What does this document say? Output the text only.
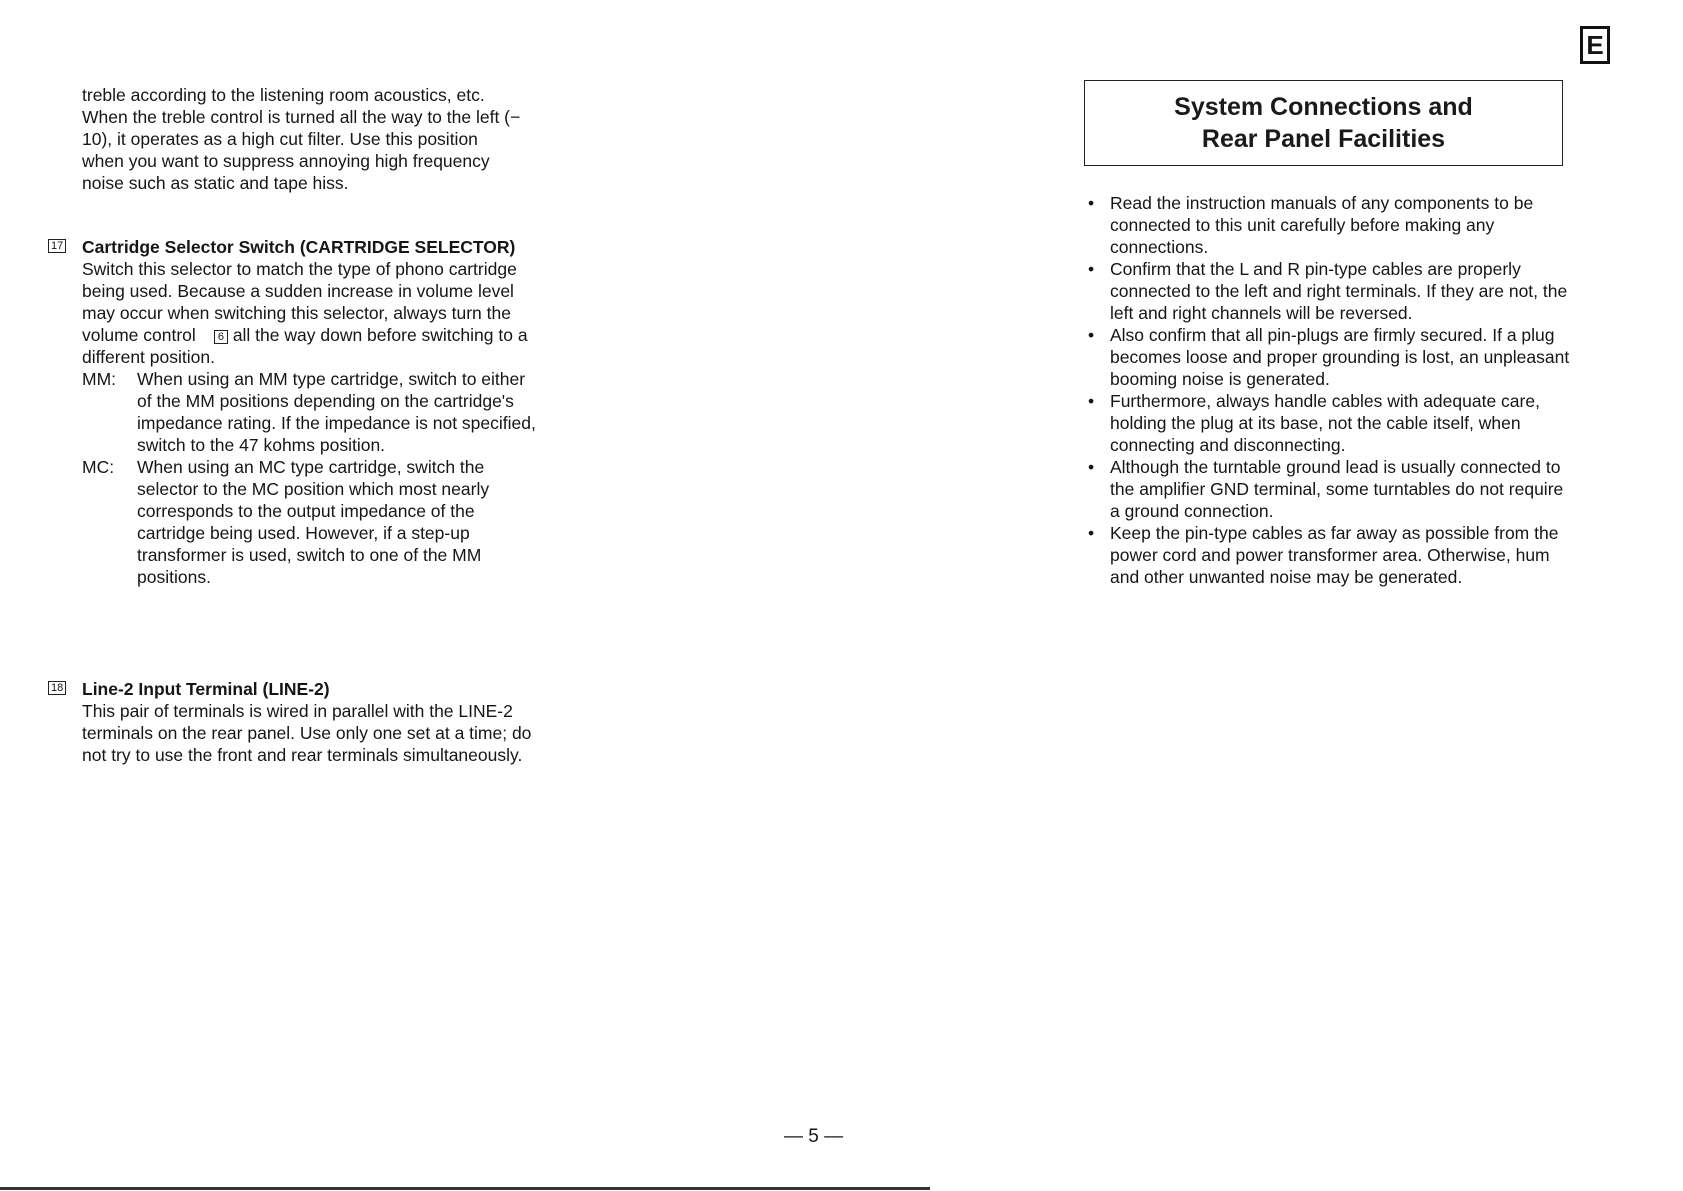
treble according to the listening room acoustics, etc. When the treble control is turned all the way to the left (− 10), it operates as a high cut filter. Use this position when you want to suppress annoying high frequency noise such as static and tape hiss.

17 Cartridge Selector Switch (CARTRIDGE SELECTOR)
Switch this selector to match the type of phono cartridge being used. Because a sudden increase in volume level may occur when switching this selector, always turn the volume control 6 all the way down before switching to a different position.
MM:	When using an MM type cartridge, switch to either of the MM positions depending on the cartridge's impedance rating. If the impedance is not specified, switch to the 47 kohms position.
MC:	When using an MC type cartridge, switch the selector to the MC position which most nearly corresponds to the output impedance of the cartridge being used. However, if a step-up transformer is used, switch to one of the MM positions.
18 Line-2 Input Terminal (LINE-2)

This pair of terminals is wired in parallel with the LINE-2 terminals on the rear panel. Use only one set at a time; do not try to use the front and rear terminals simultaneously.

E
System Connections and
Rear Panel Facilities
• Read the instruction manuals of any components to be connected to this unit carefully before making any connections.
• Confirm that the L and R pin-type cables are properly connected to the left and right terminals. If they are not, the left and right channels will be reversed.
• Also confirm that all pin-plugs are firmly secured. If a plug becomes loose and proper grounding is lost, an unpleasant booming noise is generated.
• Furthermore, always handle cables with adequate care, holding the plug at its base, not the cable itself, when connecting and disconnecting.
• Although the turntable ground lead is usually connected to the amplifier GND terminal, some turntables do not require a ground connection.
• Keep the pin-type cables as far away as possible from the power cord and power transformer area. Otherwise, hum and other unwanted noise may be generated.
— 5 —
